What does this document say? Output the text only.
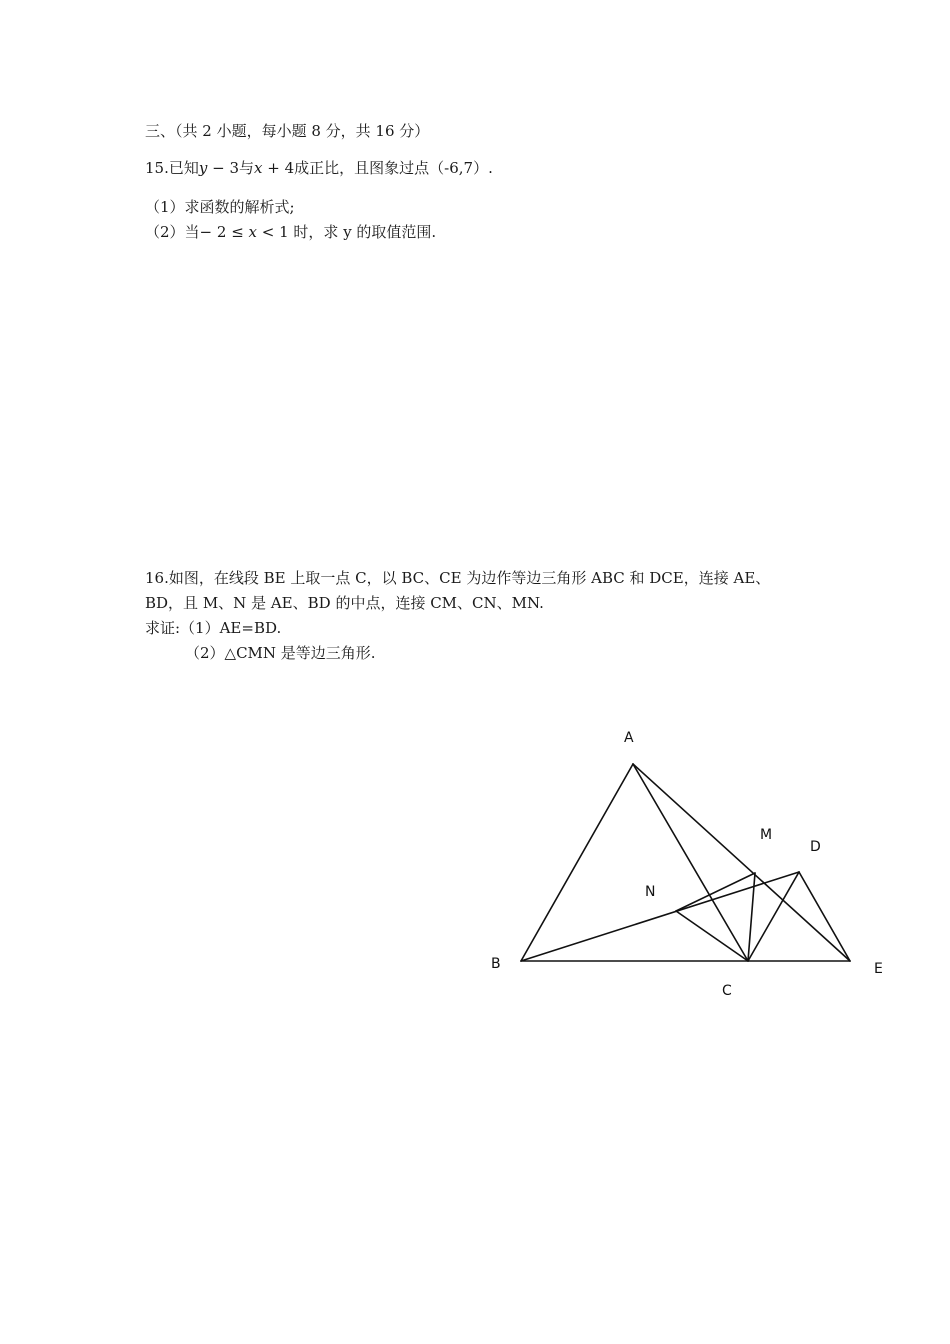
三、（共 2 小题，每小题 8 分，共 16 分）
15.已知y − 3与x + 4成正比，且图象过点（-6,7）.
（1）求函数的解析式;
（2）当− 2 ≤ x < 1 时，求 y 的取值范围.
16.如图，在线段 BE 上取一点 C，以 BC、CE 为边作等边三角形 ABC 和 DCE，连接 AE、
BD，且 M、N 是 AE、BD 的中点，连接 CM、CN、MN.
求证:（1）AE=BD.
（2）△CMN 是等边三角形.
A
B
C
D
E
M
N
